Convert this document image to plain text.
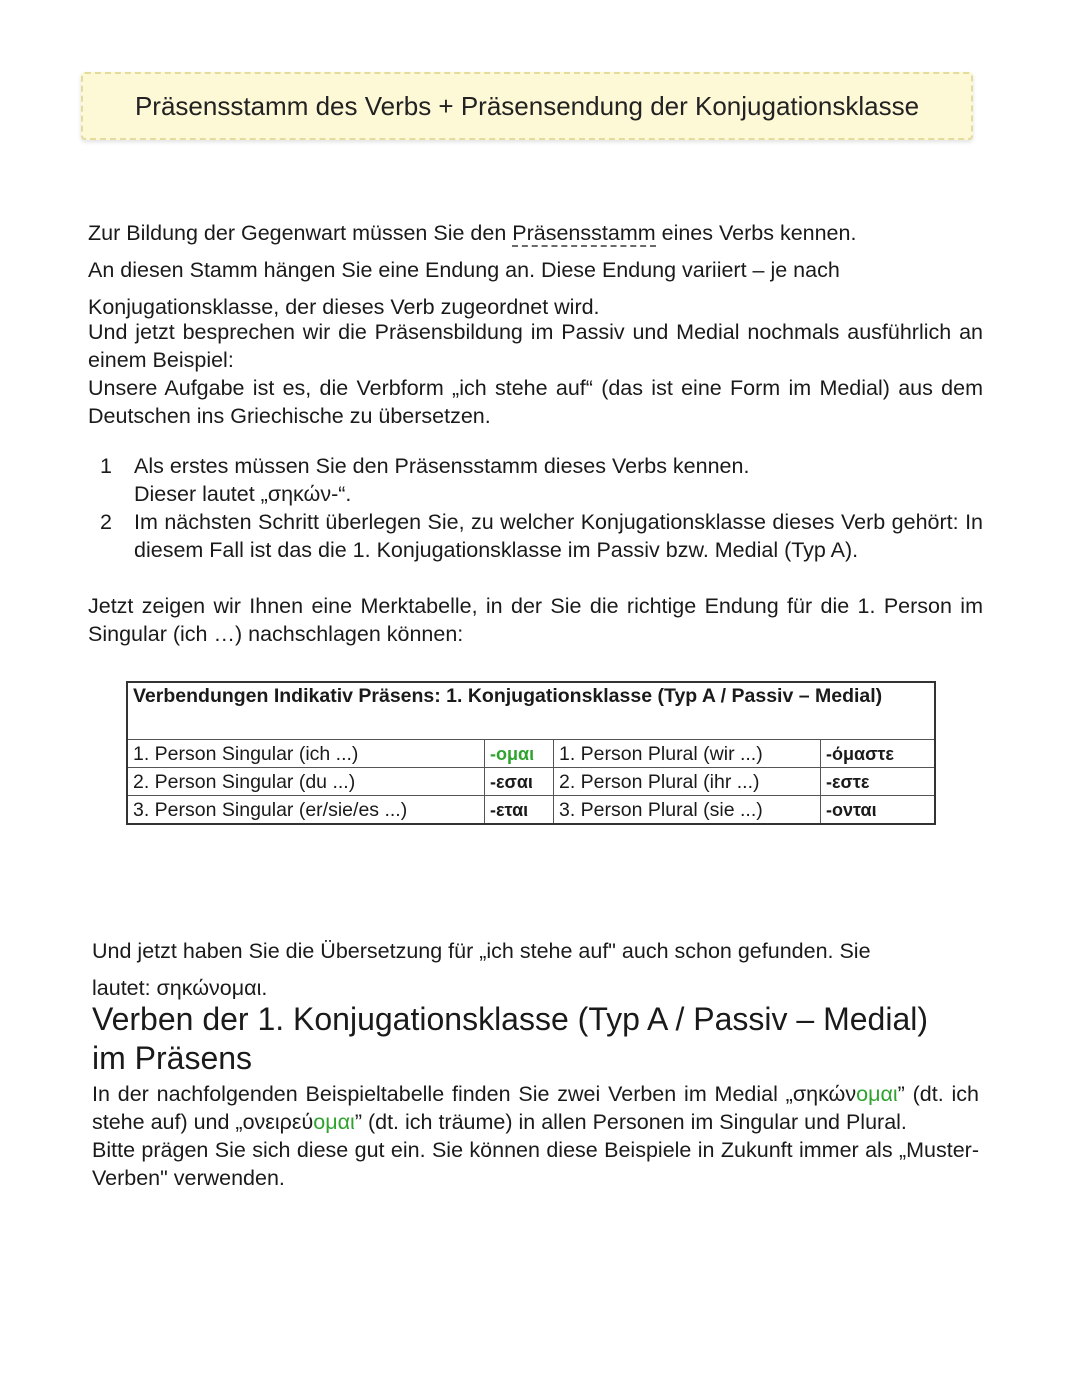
Präsensstamm des Verbs + Präsensendung der Konjugationsklasse
Zur Bildung der Gegenwart müssen Sie den Präsensstamm eines Verbs kennen.
An diesen Stamm hängen Sie eine Endung an. Diese Endung variiert – je nach
Konjugationsklasse, der dieses Verb zugeordnet wird.
Und jetzt besprechen wir die Präsensbildung im Passiv und Medial nochmals ausführlich an einem Beispiel:
Unsere Aufgabe ist es, die Verbform „ich stehe auf“ (das ist eine Form im Medial) aus dem Deutschen ins Griechische zu übersetzen.
1	Als erstes müssen Sie den Präsensstamm dieses Verbs kennen.
Dieser lautet „σηκών-“.
2	Im nächsten Schritt überlegen Sie, zu welcher Konjugationsklasse dieses Verb gehört: In diesem Fall ist das die 1. Konjugationsklasse im Passiv bzw. Medial (Typ A).
Jetzt zeigen wir Ihnen eine Merktabelle, in der Sie die richtige Endung für die 1. Person im Singular (ich …) nachschlagen können:
Verbendungen Indikativ Präsens: 1. Konjugationsklasse (Typ A / Passiv – Medial)			
1. Person Singular (ich ...)	-ομαι	1. Person Plural (wir ...)	-όμαστε
2. Person Singular (du ...)	-εσαι	2. Person Plural (ihr ...)	-εστε
3. Person Singular (er/sie/es ...)	-εται	3. Person Plural (sie ...)	-ονται
Und jetzt haben Sie die Übersetzung für „ich stehe auf" auch schon gefunden. Sie
lautet: σηκώνομαι.
Verben der 1. Konjugationsklasse (Typ A / Passiv – Medial) im Präsens
In der nachfolgenden Beispieltabelle finden Sie zwei Verben im Medial „σηκώνομαι” (dt. ich stehe auf) und „ονειρεύομαι” (dt. ich träume) in allen Personen im Singular und Plural.
Bitte prägen Sie sich diese gut ein. Sie können diese Beispiele in Zukunft immer als „Muster-Verben" verwenden.
